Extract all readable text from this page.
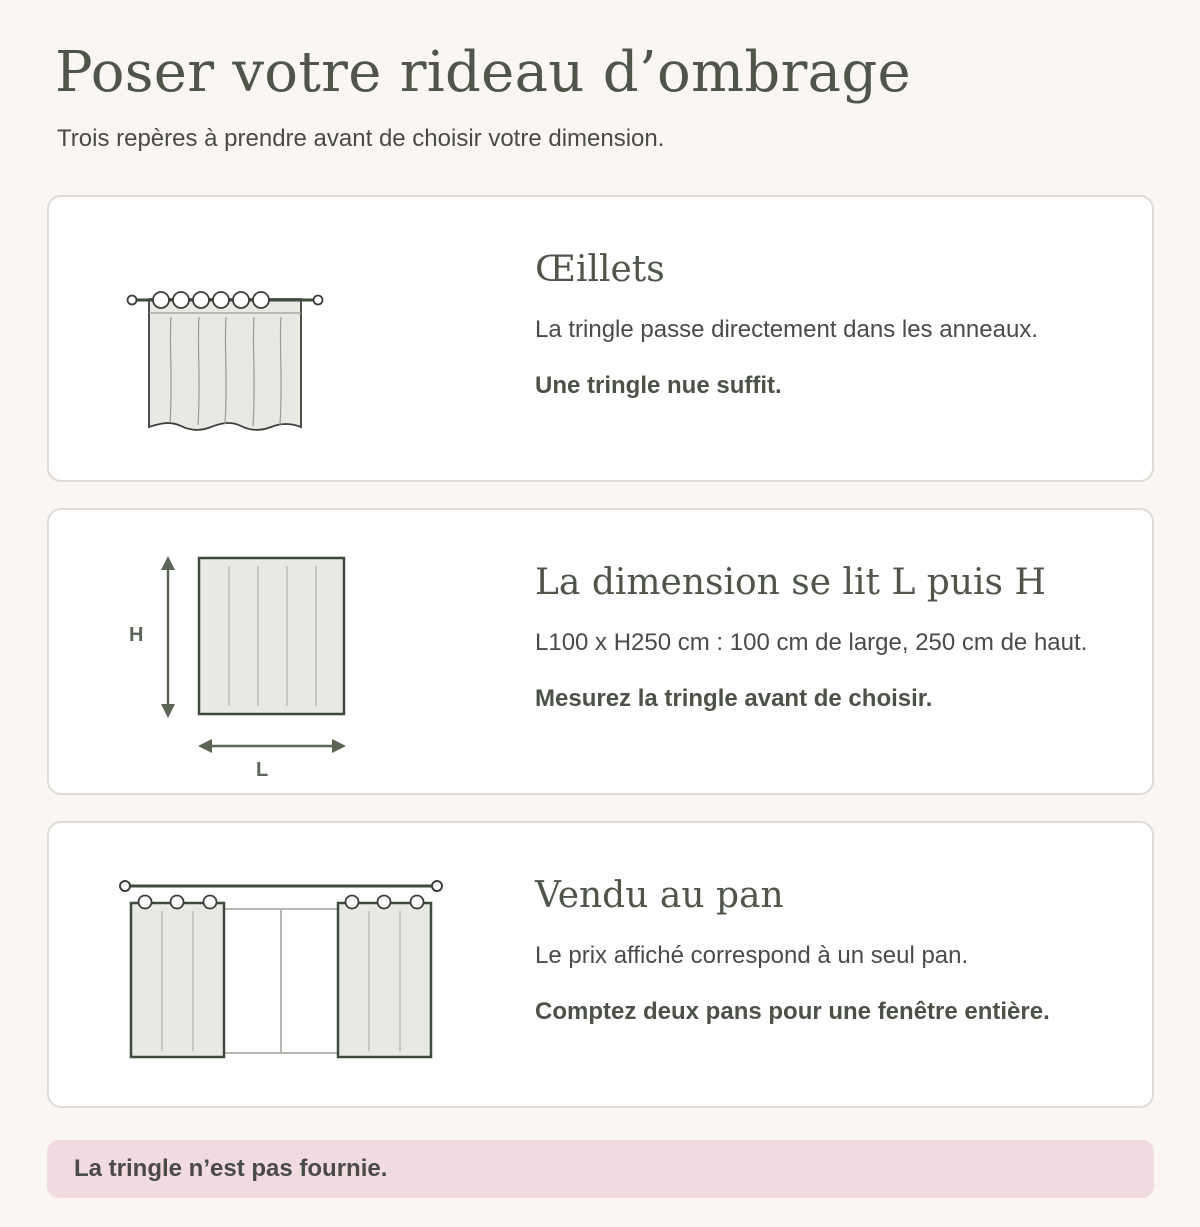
Poser votre rideau d’ombrage

Trois repères à prendre avant de choisir votre dimension.

Œillets
La tringle passe directement dans les anneaux.
Une tringle nue suffit.
H
L
La dimension se lit L puis H
L100 x H250 cm : 100 cm de large, 250 cm de haut.
Mesurez la tringle avant de choisir.
Vendu au pan
Le prix affiché correspond à un seul pan.
Comptez deux pans pour une fenêtre entière.
La tringle n’est pas fournie.
